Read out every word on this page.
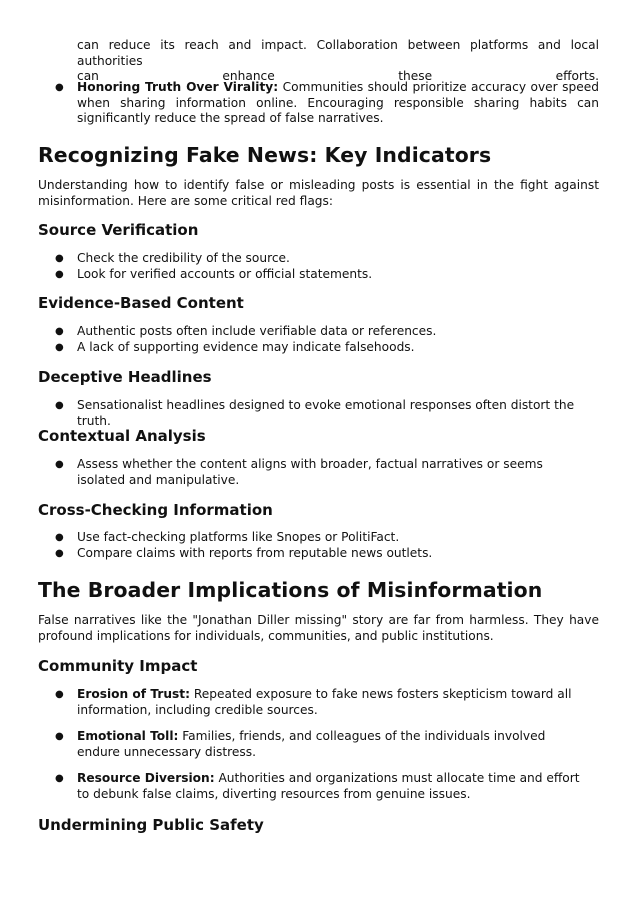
can reduce its reach and impact. Collaboration between platforms and local authorities

can enhance these efforts.

● Honoring Truth Over Virality: Communities should prioritize accuracy over speed when sharing information online. Encouraging responsible sharing habits can significantly reduce the spread of false narratives.
Recognizing Fake News: Key Indicators

Understanding how to identify false or misleading posts is essential in the fight against misinformation. Here are some critical red flags:

Source Verification
● Check the credibility of the source.
● Look for verified accounts or official statements.
Evidence-Based Content
● Authentic posts often include verifiable data or references.
● A lack of supporting evidence may indicate falsehoods.
Deceptive Headlines
● Sensationalist headlines designed to evoke emotional responses often distort the truth.
Contextual Analysis
● Assess whether the content aligns with broader, factual narratives or seems isolated and manipulative.
Cross-Checking Information
● Use fact-checking platforms like Snopes or PolitiFact.
● Compare claims with reports from reputable news outlets.
The Broader Implications of Misinformation

False narratives like the "Jonathan Diller missing" story are far from harmless. They have profound implications for individuals, communities, and public institutions.

Community Impact
● Erosion of Trust: Repeated exposure to fake news fosters skepticism toward all information, including credible sources.
● Emotional Toll: Families, friends, and colleagues of the individuals involved endure unnecessary distress.
● Resource Diversion: Authorities and organizations must allocate time and effort to debunk false claims, diverting resources from genuine issues.
Undermining Public Safety
